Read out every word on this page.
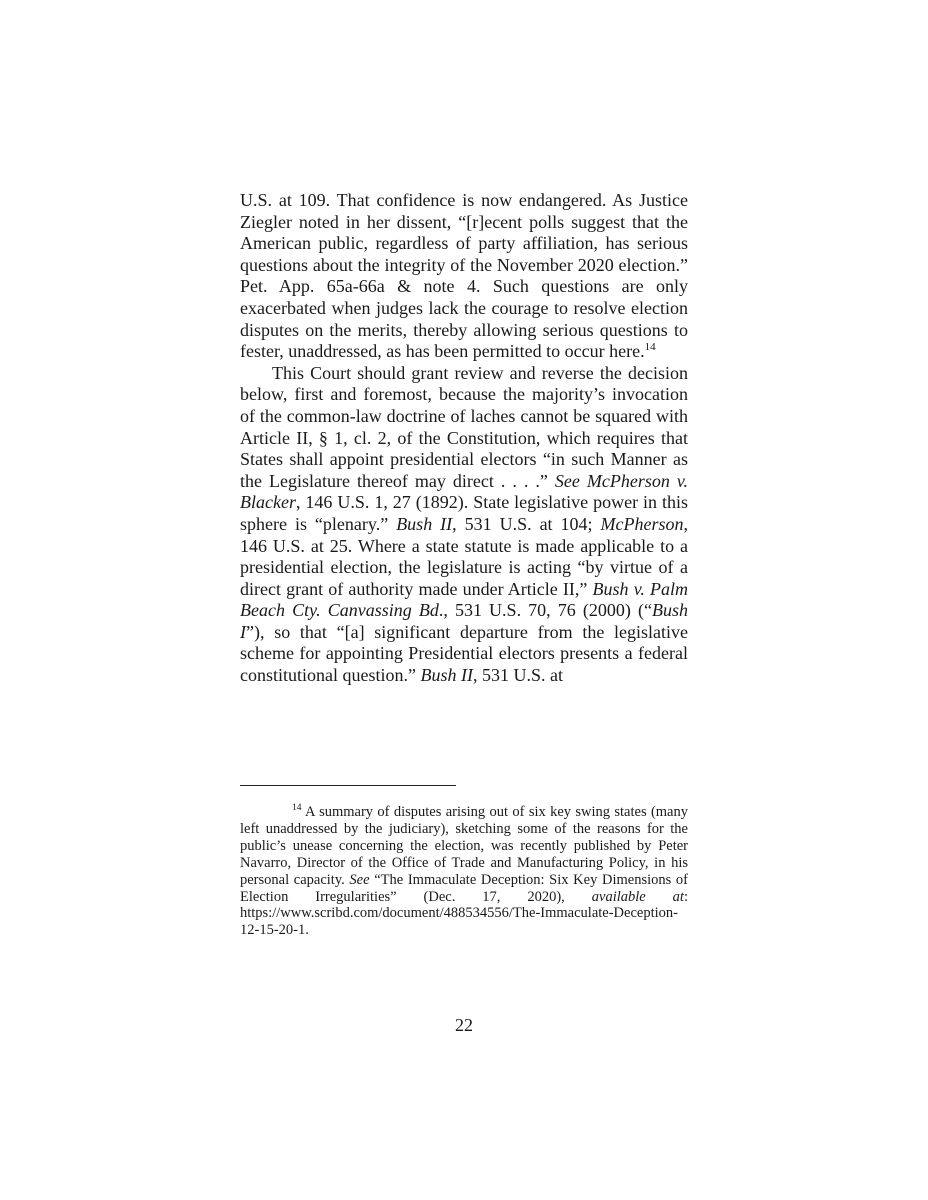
U.S. at 109. That confidence is now endangered. As Justice Ziegler noted in her dissent, “[r]ecent polls suggest that the American public, regardless of party affiliation, has serious questions about the integrity of the November 2020 election.” Pet. App. 65a-66a & note 4. Such questions are only exacerbated when judges lack the courage to resolve election disputes on the merits, thereby allowing serious questions to fester, unaddressed, as has been permitted to occur here.$^{14}$

This Court should grant review and reverse the decision below, first and foremost, because the majority’s invocation of the common-law doctrine of laches cannot be squared with Article II, § 1, cl. 2, of the Constitution, which requires that States shall appoint presidential electors “in such Manner as the Legislature thereof may direct . . . .” See McPherson v. Blacker, 146 U.S. 1, 27 (1892). State legislative power in this sphere is “plenary.” Bush II, 531 U.S. at 104; McPherson, 146 U.S. at 25. Where a state statute is made applicable to a presidential election, the legislature is acting “by virtue of a direct grant of authority made under Article II,” Bush v. Palm Beach Cty. Canvassing Bd., 531 U.S. 70, 76 (2000) (“Bush I”), so that “[a] significant departure from the legislative scheme for appointing Presidential electors presents a federal constitutional question.” Bush II, 531 U.S. at

$^{14}$ A summary of disputes arising out of six key swing states (many left unaddressed by the judiciary), sketching some of the reasons for the public’s unease concerning the election, was recently published by Peter Navarro, Director of the Office of Trade and Manufacturing Policy, in his personal capacity. See “The Immaculate Deception: Six Key Dimensions of Election Irregularities” (Dec. 17, 2020), available at: https://www.scribd.com/document/488534556/The-Immaculate-Deception-12-15-20-1.

22
